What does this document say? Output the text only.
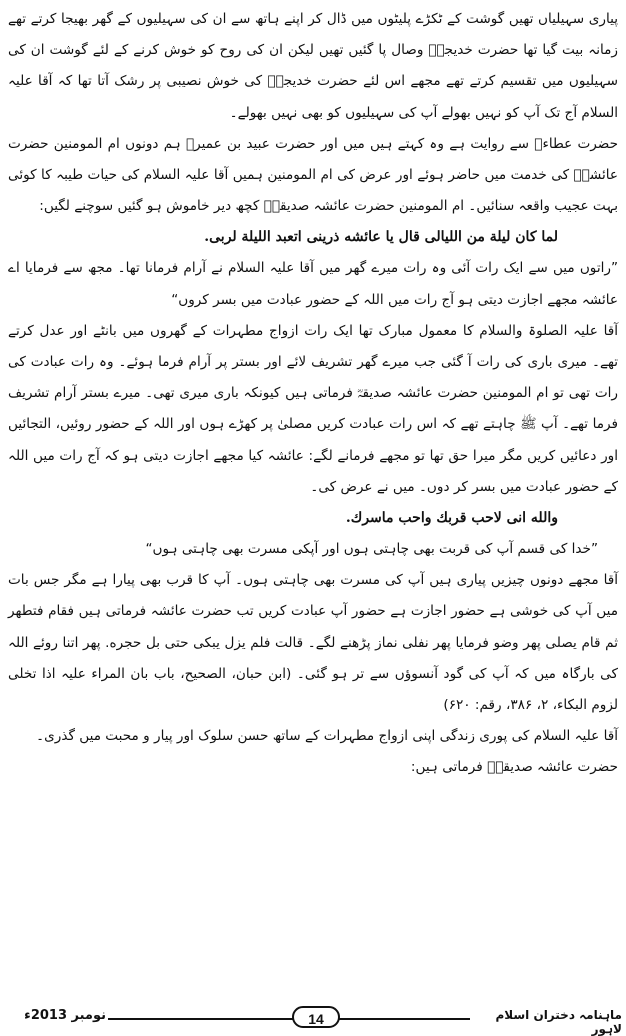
پیاری سہیلیاں تھیں گوشت کے ٹکڑے پلیٹوں میں ڈال کر اپنے ہاتھ سے ان کی سہیلیوں کے گھر بھیجا کرتے تھے زمانہ بیت گیا تھا حضرت خدیجہؓ وصال پا گئیں تھیں لیکن ان کی روح کو خوش کرنے کے لئے گوشت ان کی سہیلیوں میں تقسیم کرتے تھے مجھے اس لئے حضرت خدیجہؓ کی خوش نصیبی پر رشک آتا تھا کہ آقا علیہ السلام آج تک آپ کو نہیں بھولے آپ کی سہیلیوں کو بھی نہیں بھولے۔

حضرت عطاءؒ سے روایت ہے وہ کہتے ہیں میں اور حضرت عبید بن عمیرؓ ہم دونوں ام المومنین حضرت عائشہؓ کی خدمت میں حاضر ہوئے اور عرض کی ام المومنین ہمیں آقا علیہ السلام کی حیات طیبہ کا کوئی بہت عجیب واقعہ سنائیں۔ ام المومنین حضرت عائشہ صدیقہؓ کچھ دیر خاموش ہو گئیں سوچنے لگیں:

لما كان ليلة من الليالی قال يا عائشه ذرينی اتعبد الليلة لربی.

”راتوں میں سے ایک رات آئی وہ رات میرے گھر میں آقا علیہ السلام نے آرام فرمانا تھا۔ مجھ سے فرمایا اے عائشہ مجھے اجازت دیتی ہو آج رات میں اللہ کے حضور عبادت میں بسر کروں“

آقا علیہ الصلوۃ والسلام کا معمول مبارک تھا ایک رات ازواج مطہرات کے گھروں میں بانٹے اور عدل کرتے تھے۔ میری باری کی رات آ گئی جب میرے گھر تشریف لائے اور بستر پر آرام فرما ہوئے۔ وہ رات عبادت کی رات تھی تو ام المومنین حضرت عائشہ صدیقہؓ فرماتی ہیں کیونکہ باری میری تھی۔ میرے بستر آرام تشریف فرما تھے۔ آپ ﷺ چاہتے تھے کہ اس رات عبادت کریں مصلیٰ پر کھڑے ہوں اور اللہ کے حضور روئیں، التجائیں اور دعائیں کریں مگر میرا حق تھا تو مجھے فرمانے لگے: عائشہ کیا مجھے اجازت دیتی ہو کہ آج رات میں اللہ کے حضور عبادت میں بسر کر دوں۔ میں نے عرض کی۔

والله انی لاحب قربك واحب ماسرك.

”خدا کی قسم آپ کی قربت بھی چاہتی ہوں اور آپکی مسرت بھی چاہتی ہوں“

آقا مجھے دونوں چیزیں پیاری ہیں آپ کی مسرت بھی چاہتی ہوں۔ آپ کا قرب بھی پیارا ہے مگر جس بات میں آپ کی خوشی ہے حضور اجازت ہے حضور آپ عبادت کریں تب حضرت عائشہ فرماتی ہیں فقام فتطهر ثم قام يصلی پھر وضو فرمایا پھر نفلی نماز پڑھنے لگے۔ قالت فلم يزل يبكی حتی بل حجره. پھر اتنا روئے اللہ کی بارگاہ میں کہ آپ کی گود آنسوؤں سے تر ہو گئی۔ (ابن حبان، الصحیح، باب بان المراء علیہ اذا تخلی لزوم البکاء، ۲، ۳۸۶، رقم: ۶۲۰)

آقا علیہ السلام کی پوری زندگی اپنی ازواج مطہرات کے ساتھ حسن سلوک اور پیار و محبت میں گذری۔

حضرت عائشہ صدیقہؓ فرماتی ہیں:

نومبر 2013ء	14	ماہنامہ دختران اسلام لاہور
